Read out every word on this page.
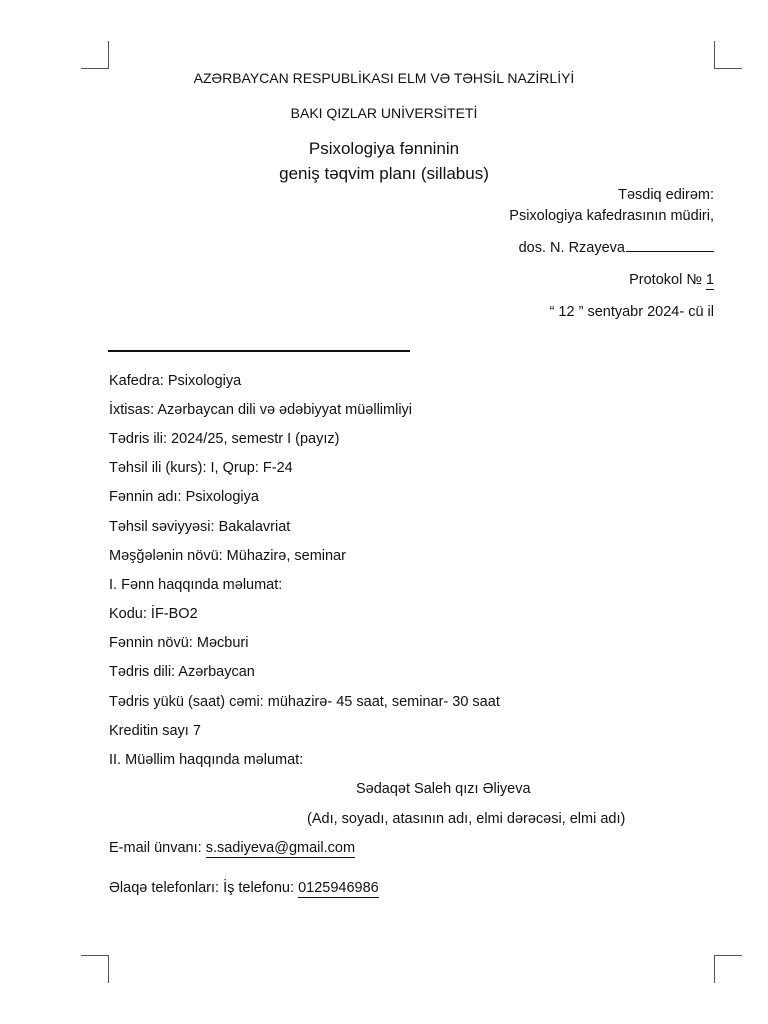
AZƏRBAYCAN RESPUBLİKASI ELM VƏ TƏHSİL NAZİRLİYİ
BAKI QIZLAR UNİVERSİTETİ
Psixologiya fənninin
geniş təqvim planı (sillabus)
Təsdiq edirəm:
Psixologiya kafedrasının müdiri,
dos. N. Rzayeva
Protokol № 1
“ 12 ” sentyabr 2024- cü il
Kafedra: Psixologiya
İxtisas: Azərbaycan dili və ədəbiyyat müəllimliyi
Tədris ili: 2024/25, semestr I (payız)
Təhsil ili (kurs): I, Qrup: F-24
Fənnin adı: Psixologiya
Təhsil səviyyəsi: Bakalavriat
Məşğələnin növü: Mühazirə, seminar
I. Fənn haqqında məlumat:
Kodu: İF-BO2
Fənnin növü: Məcburi
Tədris dili: Azərbaycan
Tədris yükü (saat) cəmi: mühazirə- 45 saat, seminar- 30 saat
Kreditin sayı 7
II. Müəllim haqqında məlumat:
Sədaqət Saleh qızı Əliyeva
(Adı, soyadı, atasının adı, elmi dərəcəsi, elmi adı)
E-mail ünvanı: s.sadiyeva@gmail.com
Əlaqə telefonları: İş telefonu: 0125946986
